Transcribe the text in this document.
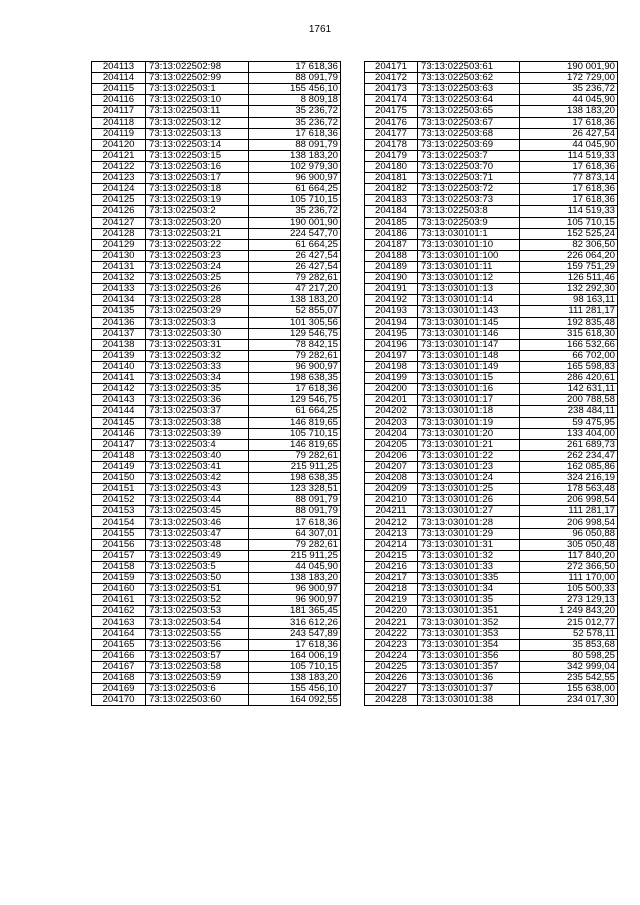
1761
204113	73:13:022502:98	17 618,36
204114	73:13:022502:99	88 091,79
204115	73:13:022503:1	155 456,10
204116	73:13:022503:10	8 809,18
204117	73:13:022503:11	35 236,72
204118	73:13:022503:12	35 236,72
204119	73:13:022503:13	17 618,36
204120	73:13:022503:14	88 091,79
204121	73:13:022503:15	138 183,20
204122	73:13:022503:16	102 979,30
204123	73:13:022503:17	96 900,97
204124	73:13:022503:18	61 664,25
204125	73:13:022503:19	105 710,15
204126	73:13:022503:2	35 236,72
204127	73:13:022503:20	190 001,90
204128	73:13:022503:21	224 547,70
204129	73:13:022503:22	61 664,25
204130	73:13:022503:23	26 427,54
204131	73:13:022503:24	26 427,54
204132	73:13:022503:25	79 282,61
204133	73:13:022503:26	47 217,20
204134	73:13:022503:28	138 183,20
204135	73:13:022503:29	52 855,07
204136	73:13:022503:3	101 305,56
204137	73:13:022503:30	129 546,75
204138	73:13:022503:31	78 842,15
204139	73:13:022503:32	79 282,61
204140	73:13:022503:33	96 900,97
204141	73:13:022503:34	198 638,35
204142	73:13:022503:35	17 618,36
204143	73:13:022503:36	129 546,75
204144	73:13:022503:37	61 664,25
204145	73:13:022503:38	146 819,65
204146	73:13:022503:39	105 710,15
204147	73:13:022503:4	146 819,65
204148	73:13:022503:40	79 282,61
204149	73:13:022503:41	215 911,25
204150	73:13:022503:42	198 638,35
204151	73:13:022503:43	123 328,51
204152	73:13:022503:44	88 091,79
204153	73:13:022503:45	88 091,79
204154	73:13:022503:46	17 618,36
204155	73:13:022503:47	64 307,01
204156	73:13:022503:48	79 282,61
204157	73:13:022503:49	215 911,25
204158	73:13:022503:5	44 045,90
204159	73:13:022503:50	138 183,20
204160	73:13:022503:51	96 900,97
204161	73:13:022503:52	96 900,97
204162	73:13:022503:53	181 365,45
204163	73:13:022503:54	316 612,26
204164	73:13:022503:55	243 547,89
204165	73:13:022503:56	17 618,36
204166	73:13:022503:57	164 006,19
204167	73:13:022503:58	105 710,15
204168	73:13:022503:59	138 183,20
204169	73:13:022503:6	155 456,10
204170	73:13:022503:60	164 092,55
204171	73:13:022503:61	190 001,90
204172	73:13:022503:62	172 729,00
204173	73:13:022503:63	35 236,72
204174	73:13:022503:64	44 045,90
204175	73:13:022503:65	138 183,20
204176	73:13:022503:67	17 618,36
204177	73:13:022503:68	26 427,54
204178	73:13:022503:69	44 045,90
204179	73:13:022503:7	114 519,33
204180	73:13:022503:70	17 618,36
204181	73:13:022503:71	77 873,14
204182	73:13:022503:72	17 618,36
204183	73:13:022503:73	17 618,36
204184	73:13:022503:8	114 519,33
204185	73:13:022503:9	105 710,15
204186	73:13:030101:1	152 525,24
204187	73:13:030101:10	82 306,50
204188	73:13:030101:100	226 064,20
204189	73:13:030101:11	159 751,29
204190	73:13:030101:12	126 511,46
204191	73:13:030101:13	132 292,30
204192	73:13:030101:14	98 163,11
204193	73:13:030101:143	111 281,17
204194	73:13:030101:145	192 835,48
204195	73:13:030101:146	315 618,30
204196	73:13:030101:147	166 532,66
204197	73:13:030101:148	66 702,00
204198	73:13:030101:149	165 598,83
204199	73:13:030101:15	286 420,61
204200	73:13:030101:16	142 631,11
204201	73:13:030101:17	200 788,58
204202	73:13:030101:18	238 484,11
204203	73:13:030101:19	59 475,95
204204	73:13:030101:20	133 404,00
204205	73:13:030101:21	261 689,73
204206	73:13:030101:22	262 234,47
204207	73:13:030101:23	162 085,86
204208	73:13:030101:24	324 216,19
204209	73:13:030101:25	178 563,48
204210	73:13:030101:26	206 998,54
204211	73:13:030101:27	111 281,17
204212	73:13:030101:28	206 998,54
204213	73:13:030101:29	96 050,88
204214	73:13:030101:31	305 050,48
204215	73:13:030101:32	117 840,20
204216	73:13:030101:33	272 366,50
204217	73:13:030101:335	111 170,00
204218	73:13:030101:34	105 500,33
204219	73:13:030101:35	273 129,13
204220	73:13:030101:351	1 249 843,20
204221	73:13:030101:352	215 012,77
204222	73:13:030101:353	52 578,11
204223	73:13:030101:354	35 853,68
204224	73:13:030101:356	80 598,25
204225	73:13:030101:357	342 999,04
204226	73:13:030101:36	235 542,55
204227	73:13:030101:37	155 638,00
204228	73:13:030101:38	234 017,30
